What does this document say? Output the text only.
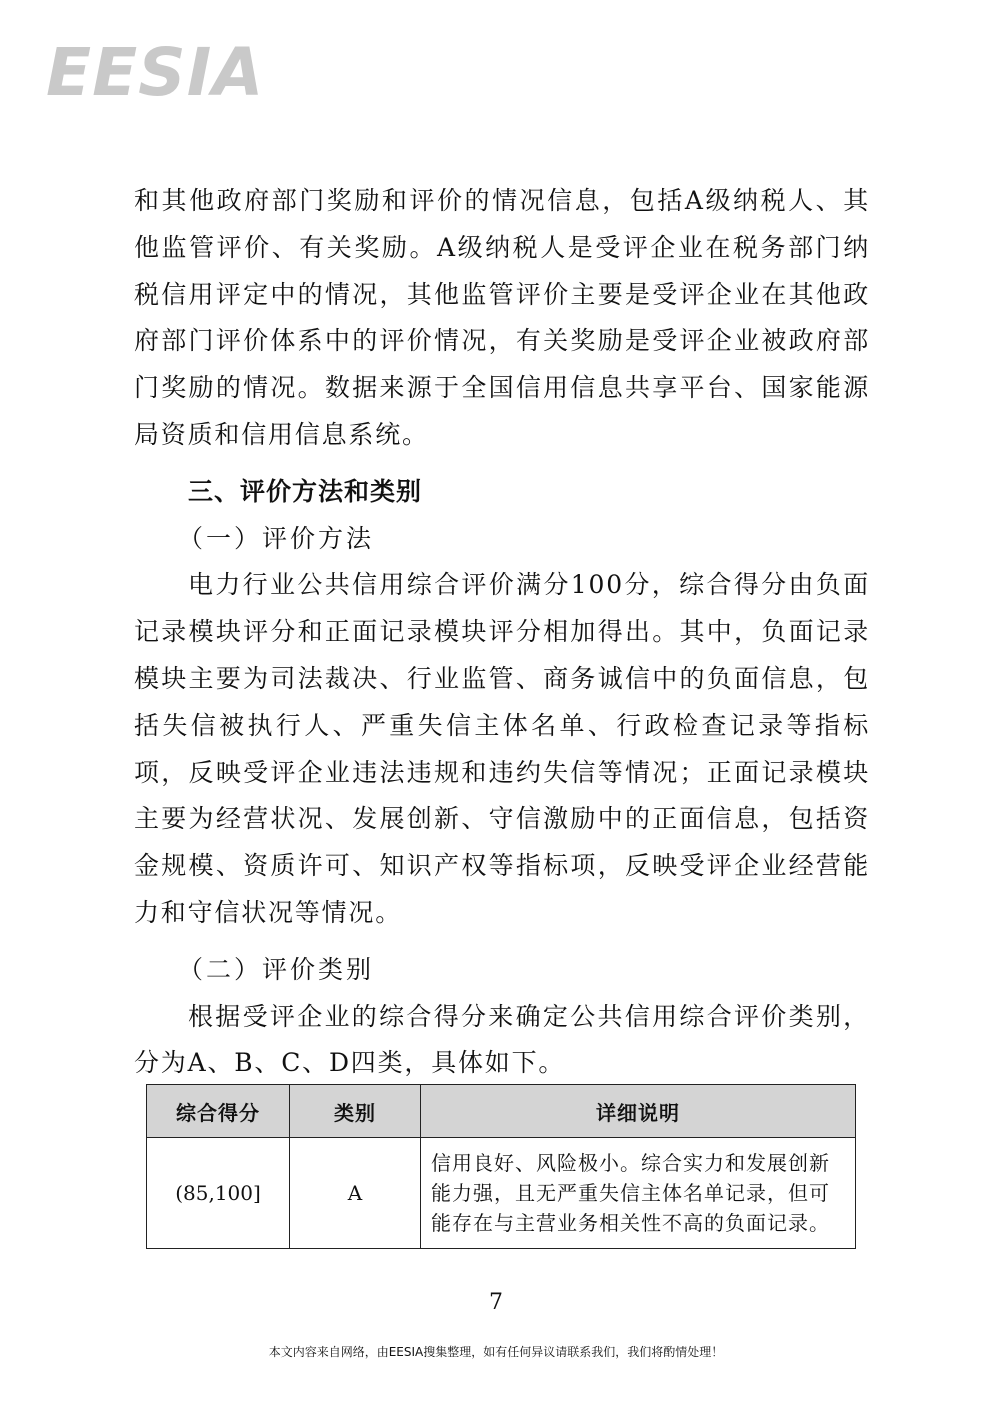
EESIA

和其他政府部门奖励和评价的情况信息，包括A级纳税人、其他监管评价、有关奖励。A级纳税人是受评企业在税务部门纳税信用评定中的情况，其他监管评价主要是受评企业在其他政府部门评价体系中的评价情况，有关奖励是受评企业被政府部门奖励的情况。数据来源于全国信用信息共享平台、国家能源局资质和信用信息系统。

三、评价方法和类别
（一）评价方法

电力行业公共信用综合评价满分100分，综合得分由负面记录模块评分和正面记录模块评分相加得出。其中，负面记录模块主要为司法裁决、行业监管、商务诚信中的负面信息，包括失信被执行人、严重失信主体名单、行政检查记录等指标项，反映受评企业违法违规和违约失信等情况；正面记录模块主要为经营状况、发展创新、守信激励中的正面信息，包括资金规模、资质许可、知识产权等指标项，反映受评企业经营能力和守信状况等情况。

（二）评价类别

根据受评企业的综合得分来确定公共信用综合评价类别，分为A、B、C、D四类，具体如下。

综合得分	类别	详细说明
(85,100]	A	信用良好、风险极小。综合实力和发展创新能力强，且无严重失信主体名单记录，但可能存在与主营业务相关性不高的负面记录。
7
本文内容来自网络，由EESIA搜集整理，如有任何异议请联系我们，我们将酌情处理！
